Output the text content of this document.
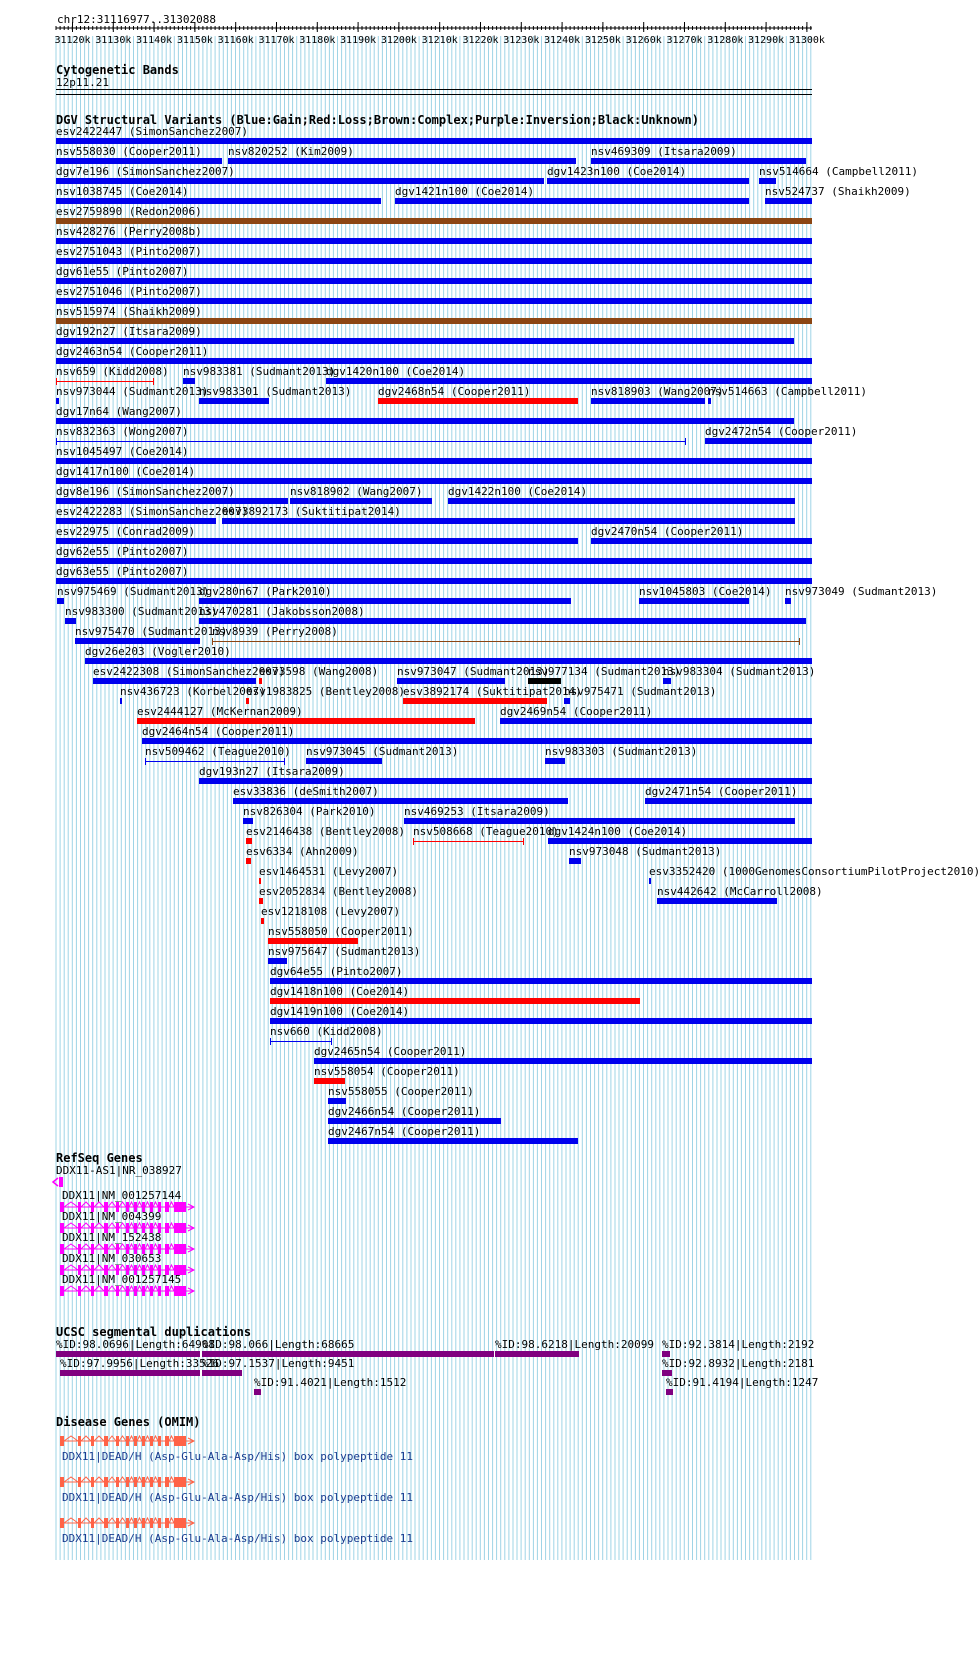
chr12:31116977..31302088
31120k 31130k 31140k 31150k 31160k 31170k 31180k 31190k 31200k 31210k 31220k 31230k 31240k 31250k 31260k 31270k 31280k 31290k 31300k
Cytogenetic Bands
DGV Structural Variants (Blue:Gain;Red:Loss;Brown:Complex;Purple:Inversion;Black:Unknown)
RefSeq Genes
UCSC segmental duplications
Disease Genes (OMIM)
12p11.21
esv2422447 (SimonSanchez2007)
nsv558030 (Cooper2011) nsv820252 (Kim2009)	nsv469309 (Itsara2009)
dgv7e196 (SimonSanchez2007)	dgv1423n100 (Coe2014)	nsv514664 (Campbell2011)
nsv1038745 (Coe2014)	dgv1421n100 (Coe2014)	nsv524737 (Shaikh2009)
esv2759890 (Redon2006)
nsv428276 (Perry2008b)
esv2751043 (Pinto2007)
dgv61e55 (Pinto2007)
esv2751046 (Pinto2007)
nsv515974 (Shaikh2009)
dgv192n27 (Itsara2009)
dgv2463n54 (Cooper2011)
nsv659 (Kidd2008) nsv983381 (Sudmant2013)
dgv1420n100 (Coe2014)
nsv973044 (Sudmant2013)
nsv983301 (Sudmant2013) dgv2468n54 (Cooper2011)	nsv818903 (Wang2007)
nsv514663 (Campbell2011)
dgv17n64 (Wang2007)
nsv832363 (Wong2007)	dgv2472n54 (Cooper2011)
nsv1045497 (Coe2014)
dgv1417n100 (Coe2014)
dgv8e196 (SimonSanchez2007)	nsv818902 (Wang2007) dgv1422n100 (Coe2014)
esv2422283 (SimonSanchez2007)
esv3892173 (Suktitipat2014)
esv22975 (Conrad2009)	dgv2470n54 (Cooper2011)
dgv62e55 (Pinto2007)
dgv63e55 (Pinto2007)
nsv975469 (Sudmant2013)
dgv280n67 (Park2010)	nsv1045803 (Coe2014) nsv973049 (Sudmant2013)
nsv983300 (Sudmant2013)
nsv470281 (Jakobsson2008)
nsv975470 (Sudmant2013)
nsv8939 (Perry2008)
dgv26e203 (Vogler2010)
esv2422308 (SimonSanchez2007)
esv3598 (Wang2008) nsv973047 (Sudmant2013)
nsv977134 (Sudmant2013)
nsv983304 (Sudmant2013)
nsv436723 (Korbel2007)
esv1983825 (Bentley2008)
esv3892174 (Suktitipat2014)
nsv975471 (Sudmant2013)
esv2444127 (McKernan2009)	dgv2469n54 (Cooper2011)
dgv2464n54 (Cooper2011)
nsv509462 (Teague2010) nsv973045 (Sudmant2013)	nsv983303 (Sudmant2013)
dgv193n27 (Itsara2009)
esv33836 (deSmith2007)	dgv2471n54 (Cooper2011)
nsv826304 (Park2010)	nsv469253 (Itsara2009)
esv2146438 (Bentley2008) nsv508668 (Teague2010)
dgv1424n100 (Coe2014)
esv6334 (Ahn2009)	nsv973048 (Sudmant2013)
esv1464531 (Levy2007)	esv3352420 (1000GenomesConsortiumPilotProject2010)
esv2052834 (Bentley2008)	nsv442642 (McCarroll2008)
esv1218108 (Levy2007)
nsv558050 (Cooper2011)
nsv975647 (Sudmant2013)
dgv64e55 (Pinto2007)
dgv1418n100 (Coe2014)
dgv1419n100 (Coe2014)
nsv660 (Kidd2008)
dgv2465n54 (Cooper2011)
nsv558054 (Cooper2011)
nsv558055 (Cooper2011)
dgv2466n54 (Cooper2011)
dgv2467n54 (Cooper2011)
DDX11-AS1|NR_038927
DDX11|NM_001257144
DDX11|NM_004399
DDX11|NM_152438
DDX11|NM_030653
DDX11|NM_001257145
%ID:98.0696|Length:64908
%ID:98.066|Length:68665	%ID:98.6218|Length:20099 %ID:92.3814|Length:2192
%ID:97.9956|Length:33526
%ID:97.1537|Length:9451	%ID:92.8932|Length:2181
%ID:91.4021|Length:1512	%ID:91.4194|Length:1247
DDX11|DEAD/H (Asp-Glu-Ala-Asp/His) box polypeptide 11
DDX11|DEAD/H (Asp-Glu-Ala-Asp/His) box polypeptide 11
DDX11|DEAD/H (Asp-Glu-Ala-Asp/His) box polypeptide 11
